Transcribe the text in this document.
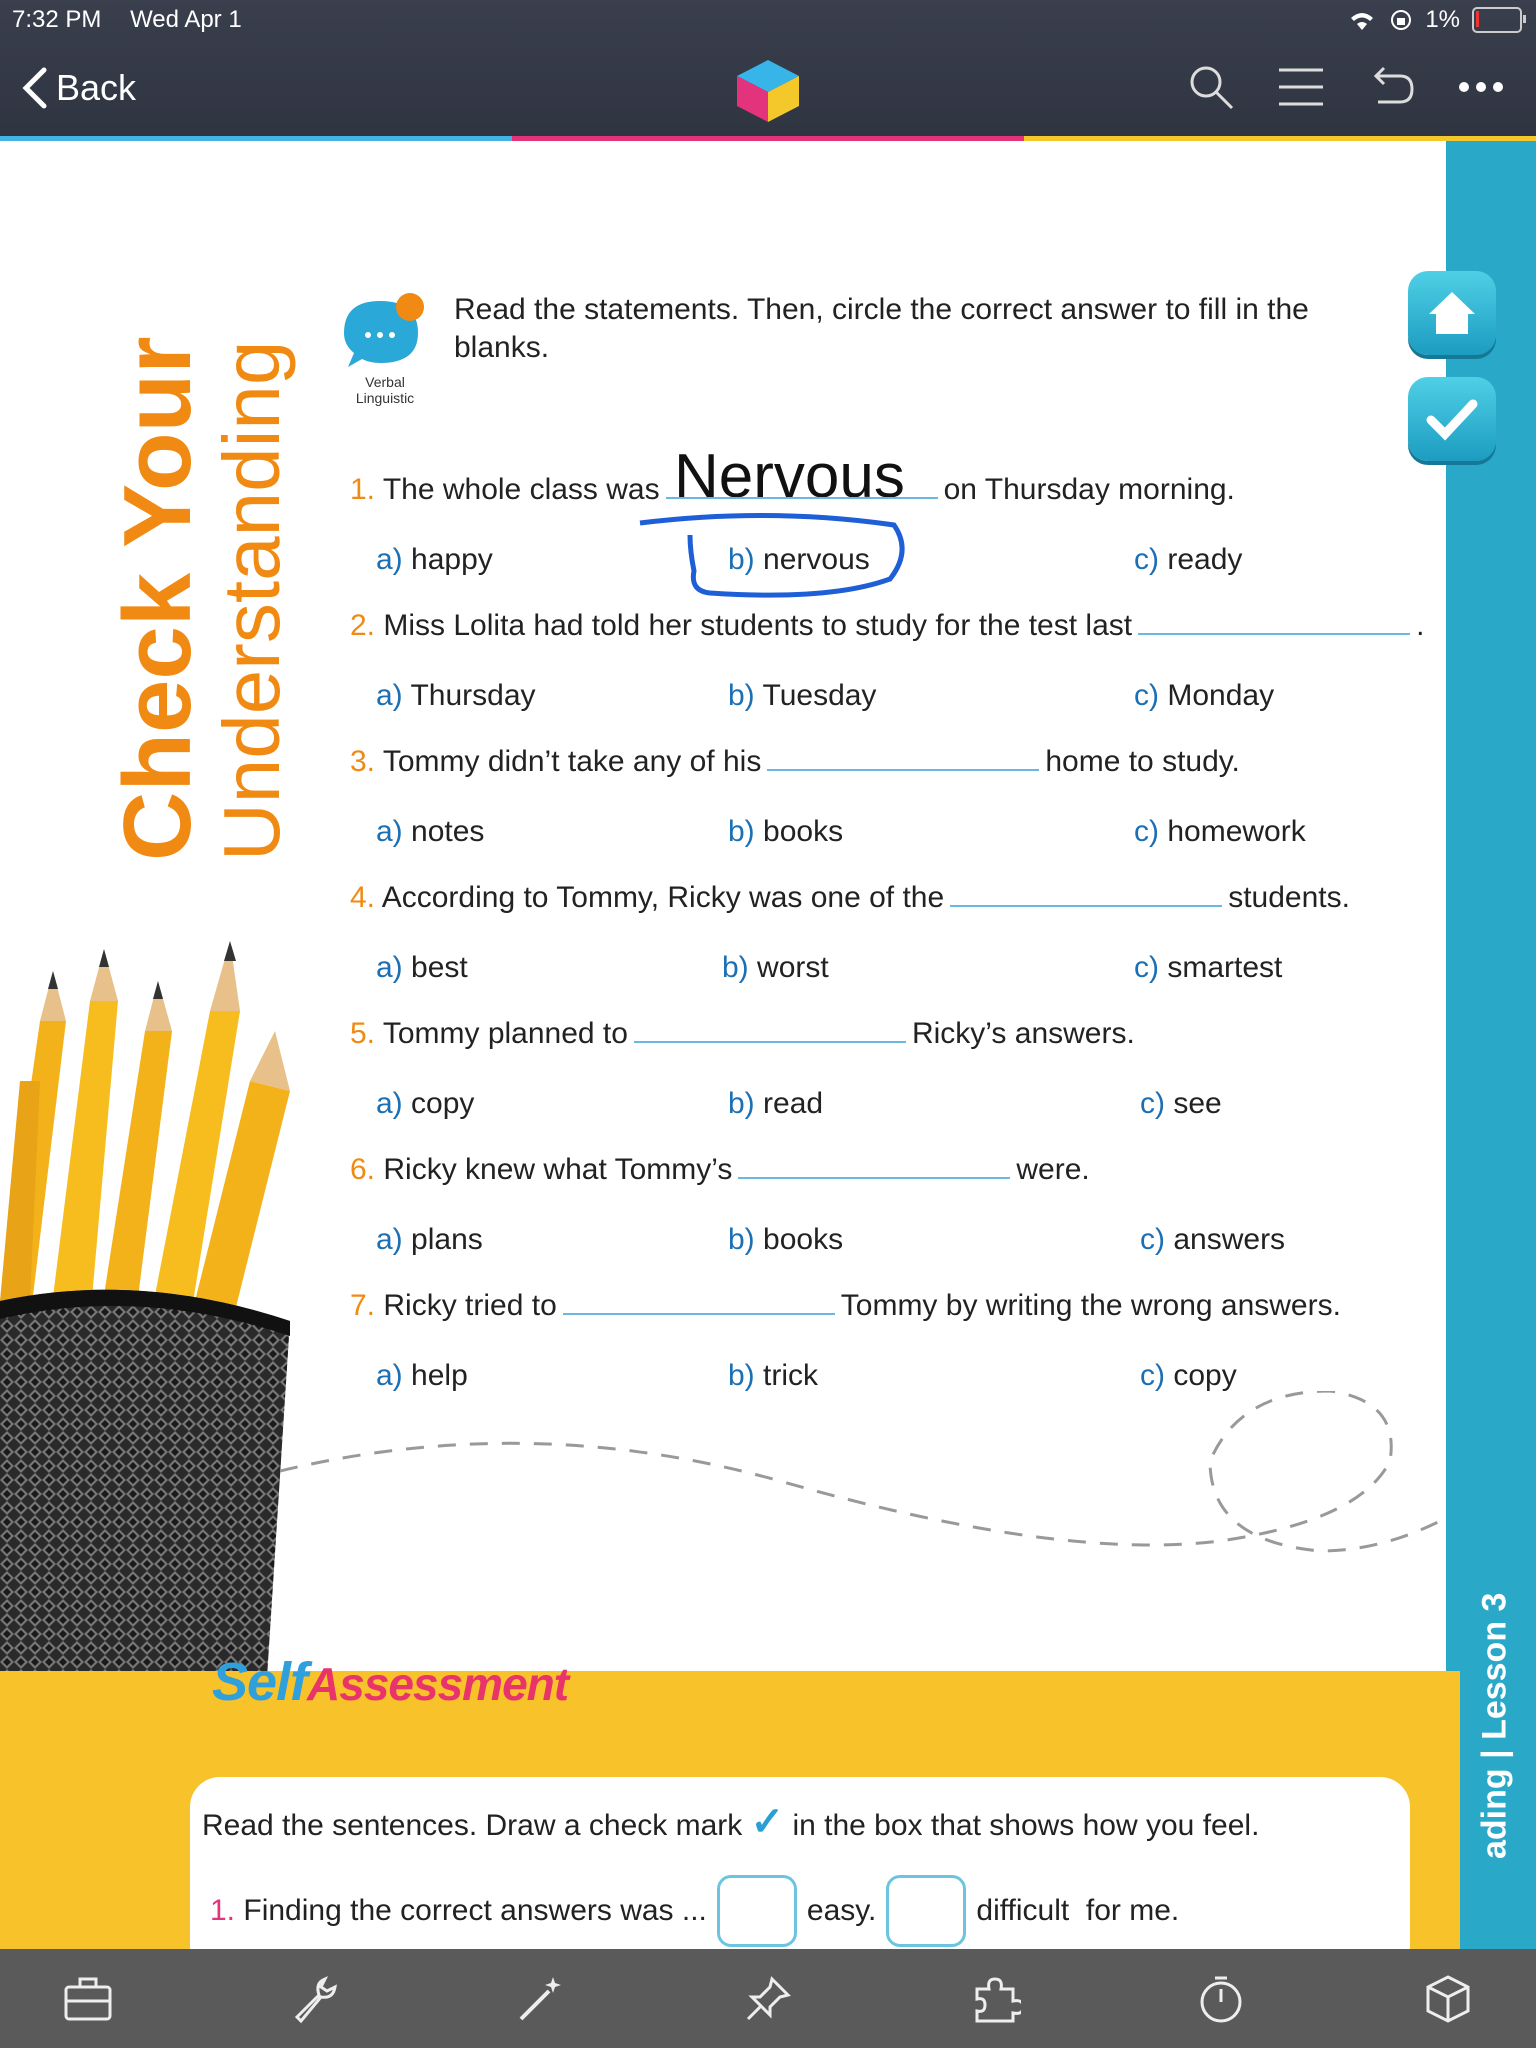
7:32 PM Wed Apr 1	1%
Back
ading | Lesson 3
Check Your
Understanding	Verbal Linguistic
Read the statements. Then, circle the correct answer to fill in the blanks.
Nervous
1. The whole class was	on Thursday morning.
a) happy	b) nervous	c) ready
2. Miss Lolita had told her students to study for the test last	.
a) Thursday	b) Tuesday	c) Monday
3. Tommy didn’t take any of his	home to study.
a) notes	b) books	c) homework
4. According to Tommy, Ricky was one of the	students.
a) best	b) worst	c) smartest
5. Tommy planned to	Ricky’s answers.
a) copy	b) read	c) see
6. Ricky knew what Tommy’s	were.
a) plans	b) books	c) answers
7. Ricky tried to	Tommy by writing the wrong answers.
a) help	b) trick	c) copy
SelfAssessment
Read the sentences. Draw a check mark ✓ in the box that shows how you feel.
1.
Finding the correct answers was ...	easy.	difficult
for me.
